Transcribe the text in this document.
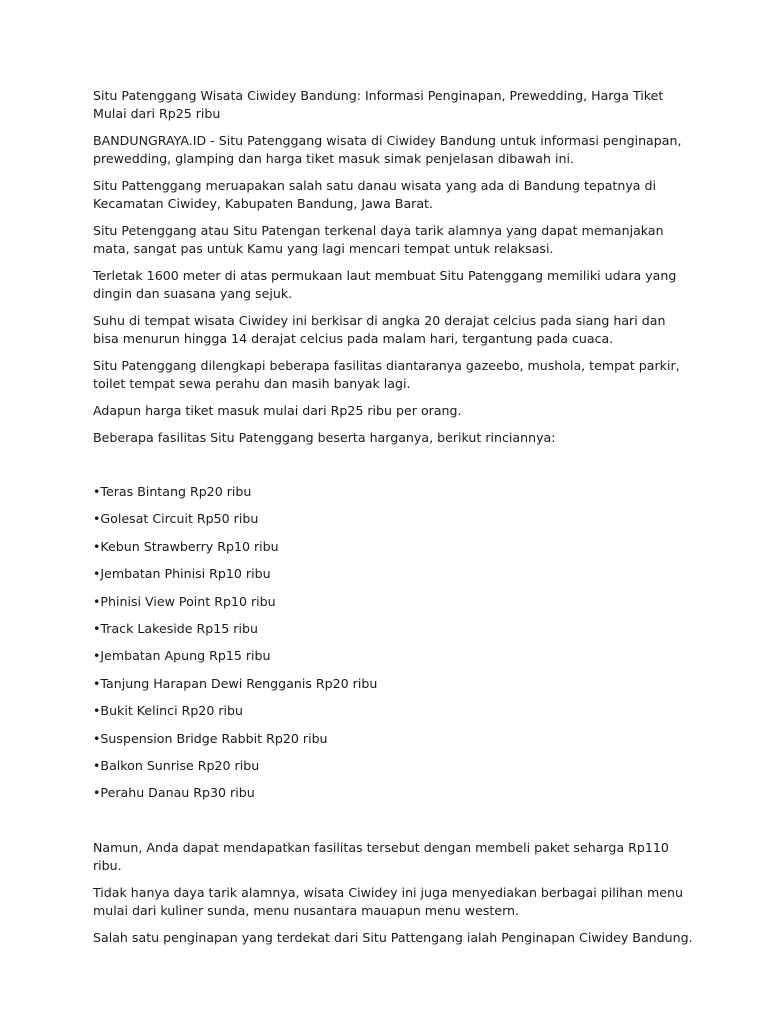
Situ Patenggang Wisata Ciwidey Bandung: Informasi Penginapan, Prewedding, Harga Tiket Mulai dari Rp25 ribu

BANDUNGRAYA.ID - Situ Patenggang wisata di Ciwidey Bandung untuk informasi penginapan, prewedding, glamping dan harga tiket masuk simak penjelasan dibawah ini.

Situ Pattenggang meruapakan salah satu danau wisata yang ada di Bandung tepatnya di Kecamatan Ciwidey, Kabupaten Bandung, Jawa Barat.

Situ Petenggang atau Situ Patengan terkenal daya tarik alamnya yang dapat memanjakan mata, sangat pas untuk Kamu yang lagi mencari tempat untuk relaksasi.

Terletak 1600 meter di atas permukaan laut membuat Situ Patenggang memiliki udara yang dingin dan suasana yang sejuk.

Suhu di tempat wisata Ciwidey ini berkisar di angka 20 derajat celcius pada siang hari dan bisa menurun hingga 14 derajat celcius pada malam hari, tergantung pada cuaca.

Situ Patenggang dilengkapi beberapa fasilitas diantaranya gazeebo, mushola, tempat parkir, toilet tempat sewa perahu dan masih banyak lagi.

Adapun harga tiket masuk mulai dari Rp25 ribu per orang.

Beberapa fasilitas Situ Patenggang beserta harganya, berikut rinciannya:

•Teras Bintang Rp20 ribu
•Golesat Circuit Rp50 ribu
•Kebun Strawberry Rp10 ribu
•Jembatan Phinisi Rp10 ribu
•Phinisi View Point Rp10 ribu
•Track Lakeside Rp15 ribu
•Jembatan Apung Rp15 ribu
•Tanjung Harapan Dewi Rengganis Rp20 ribu
•Bukit Kelinci Rp20 ribu
•Suspension Bridge Rabbit Rp20 ribu
•Balkon Sunrise Rp20 ribu
•Perahu Danau Rp30 ribu

Namun, Anda dapat mendapatkan fasilitas tersebut dengan membeli paket seharga Rp110 ribu.

Tidak hanya daya tarik alamnya, wisata Ciwidey ini juga menyediakan berbagai pilihan menu mulai dari kuliner sunda, menu nusantara mauapun menu western.

Salah satu penginapan yang terdekat dari Situ Pattengang ialah Penginapan Ciwidey Bandung.
